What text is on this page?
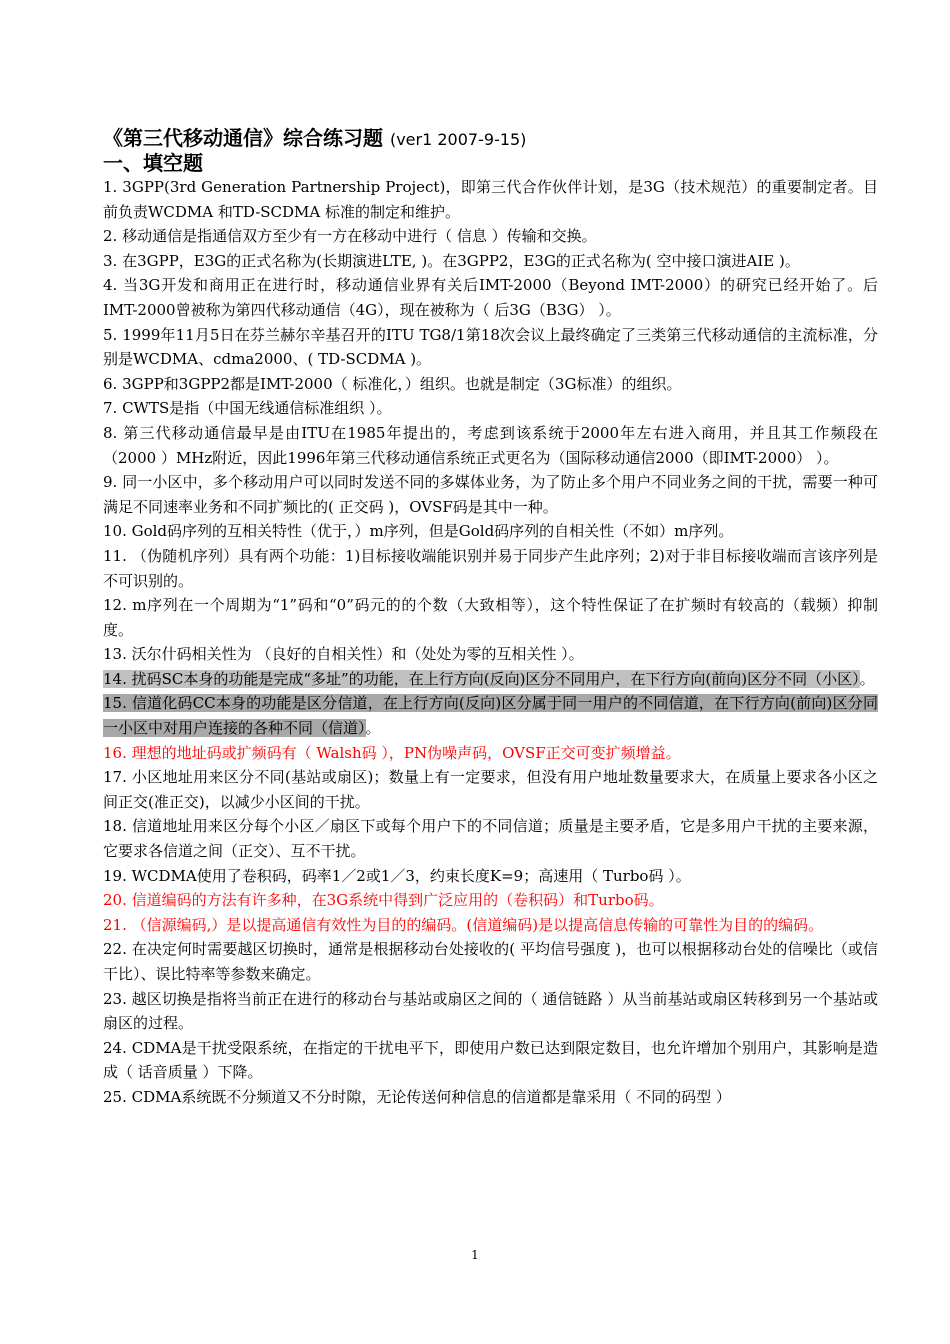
《第三代移动通信》综合练习题 (ver1 2007-9-15)
一、填空题

1. 3GPP(3rd Generation Partnership Project)，即第三代合作伙伴计划，是3G（技术规范）的重要制定者。目前负责WCDMA 和TD-SCDMA 标准的制定和维护。

2. 移动通信是指通信双方至少有一方在移动中进行（ 信息 ）传输和交换。

3. 在3GPP，E3G的正式名称为(长期演进LTE, )。在3GPP2，E3G的正式名称为( 空中接口演进AIE )。

4. 当3G开发和商用正在进行时，移动通信业界有关后IMT-2000（Beyond IMT-2000）的研究已经开始了。后IMT-2000曾被称为第四代移动通信（4G），现在被称为（ 后3G（B3G） ）。

5. 1999年11月5日在芬兰赫尔辛基召开的ITU TG8/1第18次会议上最终确定了三类第三代移动通信的主流标准，分别是WCDMA、cdma2000、( TD-SCDMA )。

6. 3GPP和3GPP2都是IMT-2000（ 标准化，）组织。也就是制定（3G标准）的组织。

7. CWTS是指（中国无线通信标准组织 ）。

8. 第三代移动通信最早是由ITU在1985年提出的，考虑到该系统于2000年左右进入商用，并且其工作频段在（2000 ）MHz附近，因此1996年第三代移动通信系统正式更名为（国际移动通信2000（即IMT-2000） ）。

9. 同一小区中，多个移动用户可以同时发送不同的多媒体业务，为了防止多个用户不同业务之间的干扰，需要一种可满足不同速率业务和不同扩频比的( 正交码 )，OVSF码是其中一种。

10. Gold码序列的互相关特性（优于，）m序列，但是Gold码序列的自相关性（不如）m序列。

11. （伪随机序列）具有两个功能：1)目标接收端能识别并易于同步产生此序列；2)对于非目标接收端而言该序列是不可识别的。

12. m序列在一个周期为“1”码和“0”码元的的个数（大致相等），这个特性保证了在扩频时有较高的（载频）抑制度。

13. 沃尔什码相关性为 （良好的自相关性）和（处处为零的互相关性 ）。

14. 扰码SC本身的功能是完成“多址”的功能，在上行方向(反向)区分不同用户，在下行方向(前向)区分不同（小区）。

15. 信道化码CC本身的功能是区分信道，在上行方向(反向)区分属于同一用户的不同信道，在下行方向(前向)区分同一小区中对用户连接的各种不同（信道）。

16. 理想的地址码或扩频码有（ Walsh码 ），PN伪噪声码，OVSF正交可变扩频增益。

17. 小区地址用来区分不同(基站或扇区)；数量上有一定要求，但没有用户地址数量要求大，在质量上要求各小区之间正交(准正交)，以减少小区间的干扰。

18. 信道地址用来区分每个小区／扇区下或每个用户下的不同信道；质量是主要矛盾，它是多用户干扰的主要来源，它要求各信道之间（正交）、互不干扰。

19. WCDMA使用了卷积码，码率1／2或1／3，约束长度K=9；高速用（ Turbo码 ）。

20. 信道编码的方法有许多种，在3G系统中得到广泛应用的（卷积码）和Turbo码。

21. （信源编码,）是以提高通信有效性为目的的编码。(信道编码)是以提高信息传输的可靠性为目的的编码。

22. 在决定何时需要越区切换时，通常是根据移动台处接收的( 平均信号强度 )，也可以根据移动台处的信噪比（或信干比）、误比特率等参数来确定。

23. 越区切换是指将当前正在进行的移动台与基站或扇区之间的（ 通信链路 ）从当前基站或扇区转移到另一个基站或扇区的过程。

24. CDMA是干扰受限系统，在指定的干扰电平下，即使用户数已达到限定数目，也允许增加个别用户，其影响是造成（ 话音质量 ）下降。

25. CDMA系统既不分频道又不分时隙，无论传送何种信息的信道都是靠采用（ 不同的码型 ）

1
